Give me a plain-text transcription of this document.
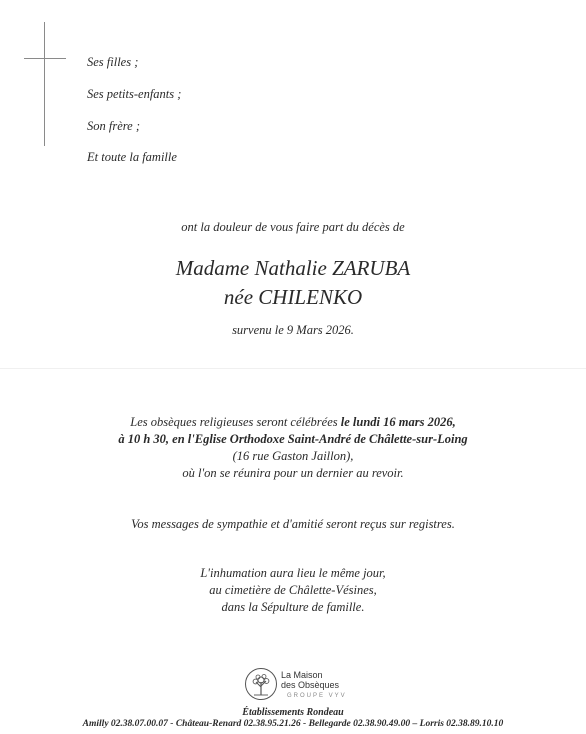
Ses filles ;
Ses petits-enfants ;
Son frère ;
Et toute la famille
ont la douleur de vous faire part du décès de
Madame Nathalie ZARUBA
née CHILENKO
survenu le 9 Mars 2026.
Les obsèques religieuses seront célébrées le lundi 16 mars 2026,
à 10 h 30, en l'Eglise Orthodoxe Saint-André de Châlette-sur-Loing
(16 rue Gaston Jaillon),
où l'on se réunira pour un dernier au revoir.
Vos messages de sympathie et d'amitié seront reçus sur registres.
L'inhumation aura lieu le même jour,
au cimetière de Châlette-Vésines,
dans la Sépulture de famille.
La Maison
des Obsèques
GROUPE VYV
Établissements Rondeau
Amilly 02.38.07.00.07 - Château-Renard 02.38.95.21.26 - Bellegarde 02.38.90.49.00 – Lorris 02.38.89.10.10
